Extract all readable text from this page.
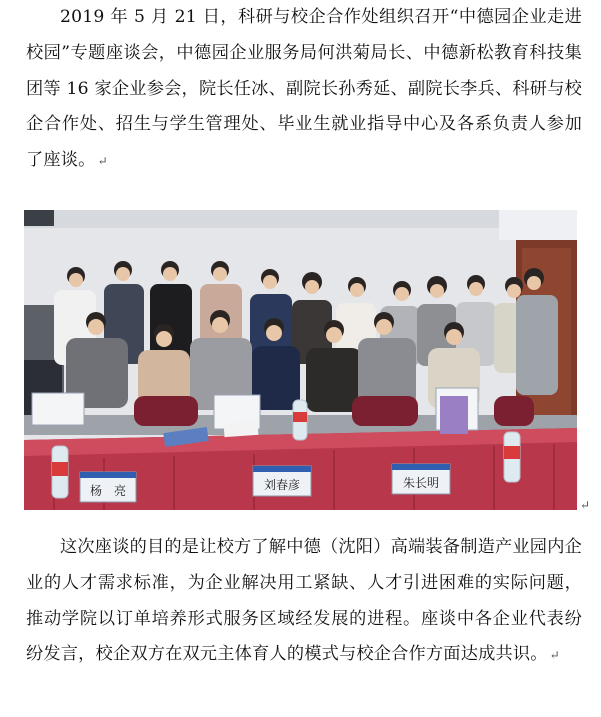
2019 年 5 月 21 日，科研与校企合作处组织召开“中德园企业走进校园”专题座谈会，中德园企业服务局何洪菊局长、中德新松教育科技集团等 16 家企业参会，院长任冰、副院长孙秀延、副院长李兵、科研与校企合作处、招生与学生管理处、毕业生就业指导中心及各系负责人参加了座谈。 ↵

杨　亮	刘春彦	朱长明
↵

这次座谈的目的是让校方了解中德（沈阳）高端装备制造产业园内企业的人才需求标准，为企业解决用工紧缺、人才引进困难的实际问题，推动学院以订单培养形式服务区域经发展的进程。座谈中各企业代表纷纷发言，校企双方在双元主体育人的模式与校企合作方面达成共识。 ↵
